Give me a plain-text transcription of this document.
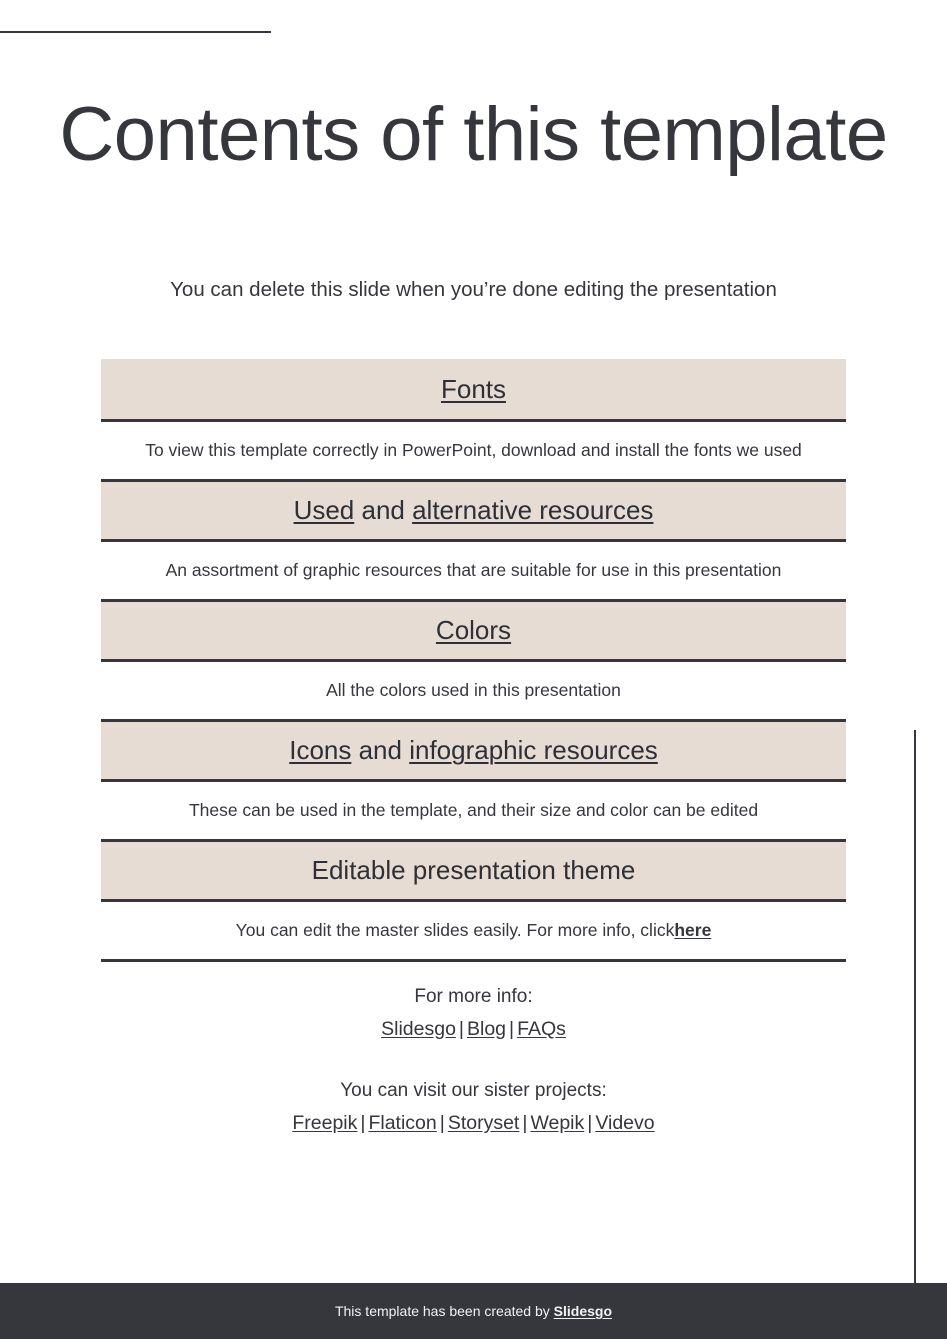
Contents of this template

You can delete this slide when you’re done editing the presentation

Fonts
To view this template correctly in PowerPoint, download and install the fonts we used
Used and alternative resources
An assortment of graphic resources that are suitable for use in this presentation
Colors
All the colors used in this presentation
Icons and infographic resources
These can be used in the template, and their size and color can be edited
Editable presentation theme
You can edit the master slides easily. For more info, click here
For more info:
Slidesgo | Blog | FAQs
You can visit our sister projects:
Freepik | Flaticon | Storyset | Wepik | Videvo
This template has been created by Slidesgo
